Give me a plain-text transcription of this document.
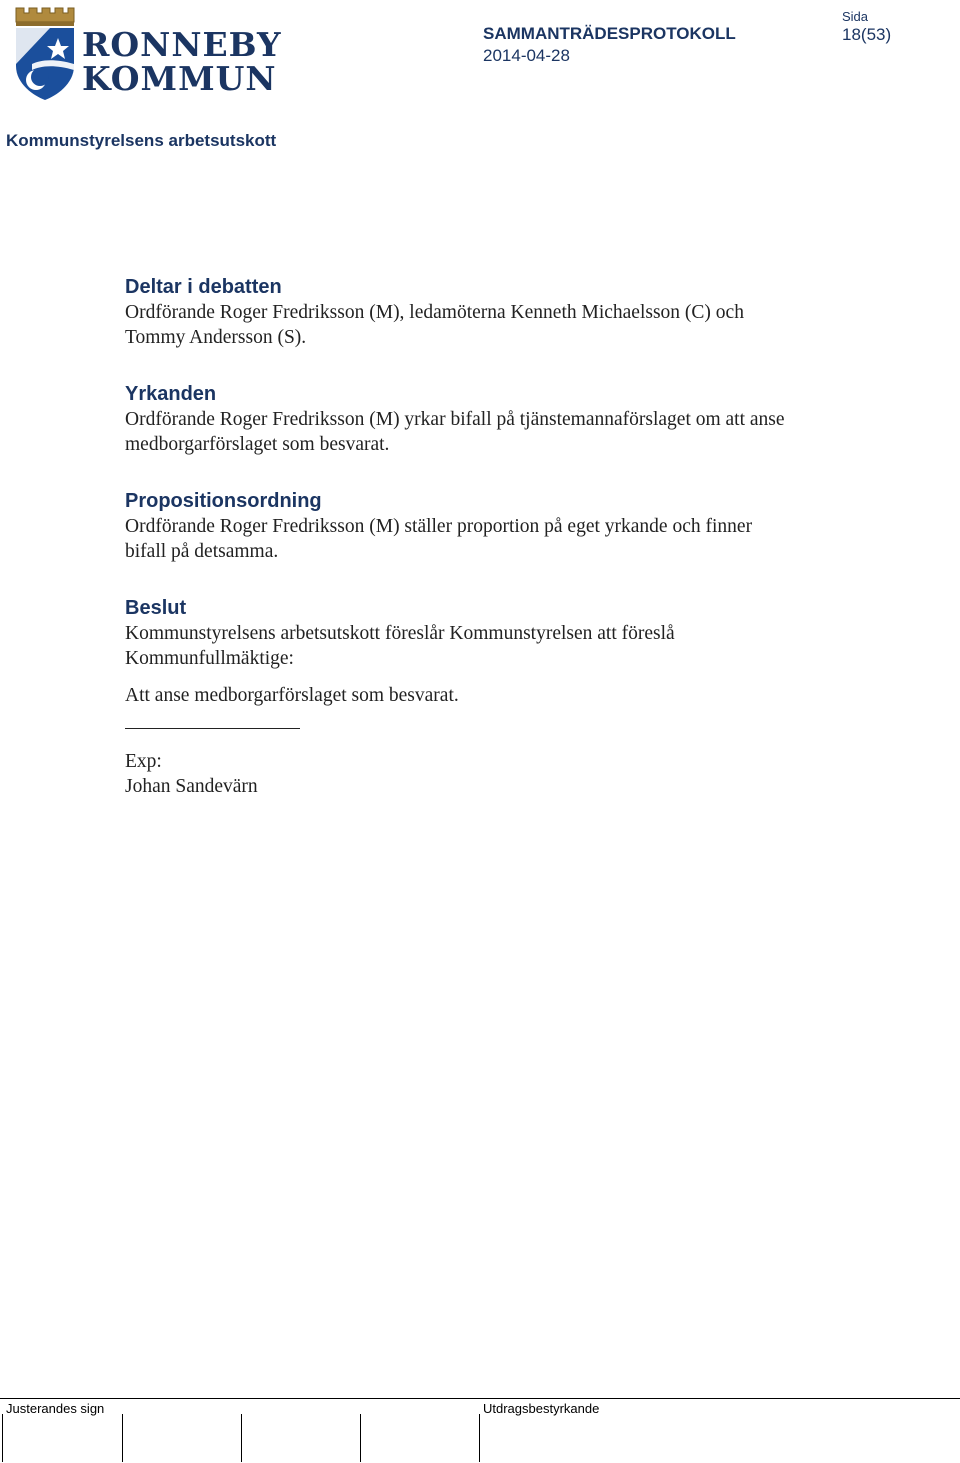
RONNEBY
KOMMUN
SAMMANTRÄDESPROTOKOLL
2014-04-28
Sida
18(53)
Kommunstyrelsens arbetsutskott
Deltar i debatten

Ordförande Roger Fredriksson (M), ledamöterna Kenneth Michaelsson (C) och

Tommy Andersson (S).

Yrkanden

Ordförande Roger Fredriksson (M) yrkar bifall på tjänstemannaförslaget om att anse

medborgarförslaget som besvarat.

Propositionsordning

Ordförande Roger Fredriksson (M) ställer proportion på eget yrkande och finner

bifall på detsamma.

Beslut

Kommunstyrelsens arbetsutskott föreslår Kommunstyrelsen att föreslå

Kommunfullmäktige:

Att anse medborgarförslaget som besvarat.

Exp:

Johan Sandevärn

Justerandes sign	Utdragsbestyrkande
